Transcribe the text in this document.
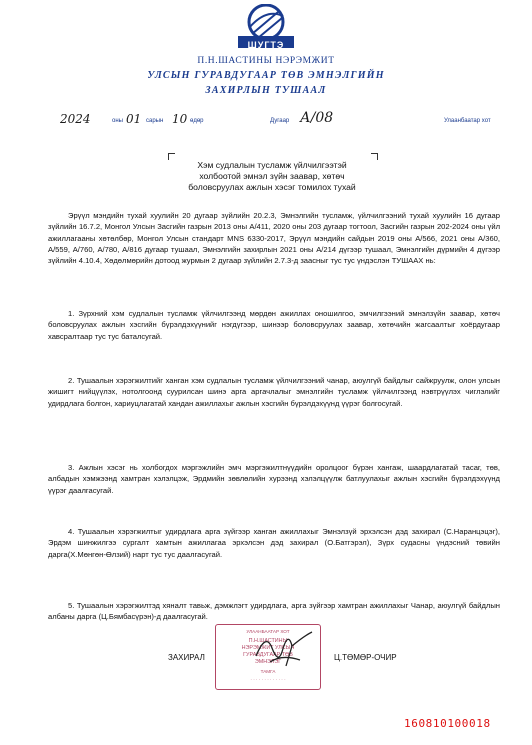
ШУГТЭ
П.Н.ШАСТИНЫ НЭРЭМЖИТ
УЛСЫН ГУРАВДУГААР ТӨВ ЭМНЭЛГИЙН
ЗАХИРЛЫН ТУШААЛ
2024	оны 01 сарын 10 өдөр	Дугаар А/08	Улаанбаатар хот
Хэм судлалын тусламж үйлчилгээтэй
холбоотой эмнэл зүйн заавар, хөтөч
боловсруулах ажлын хэсэг томилох тухай

Эрүүл мэндийн тухай хуулийн 20 дугаар зүйлийн 20.2.3, Эмнэлгийн тусламж, үйлчилгээний тухай хуулийн 16 дугаар зүйлийн 16.7.2, Монгол Улсын Засгийн газрын 2013 оны А/411, 2020 оны 203 дугаар тогтоол, Засгийн газрын 202-2024 оны үйл ажиллагааны хөтөлбөр, Монгол Улсын стандарт MNS 6330-2017, Эрүүл мэндийн сайдын 2019 оны А/566, 2021 оны А/360, А/559, А/760, А/780, А/816 дугаар тушаал, Эмнэлгийн захирлын 2021 оны А/214 дүгээр тушаал, Эмнэлгийн дүрмийн 4 дүгээр зүйлийн 4.10.4, Хөдөлмөрийн дотоод журмын 2 дугаар зүйлийн 2.7.3-д заасныг тус тус үндэслэн ТУШААХ нь:

1. Зүрхний хэм судлалын тусламж үйлчилгээнд мөрдөн ажиллах оношилгоо, эмчилгээний эмнэлзүйн заавар, хөтөч боловсруулах ажлын хэсгийн бүрэлдэхүүнийг нэгдүгээр, шинээр боловсруулах заавар, хөтөчийн жагсаалтыг хоёрдугаар хавсралтаар тус тус баталсугай.

2. Тушаалын хэрэгжилтийг ханган хэм судлалын тусламж үйлчилгээний чанар, аюулгүй байдлыг сайжруулж, олон улсын жишигт нийцүүлэх, нотолгоонд суурилсан шинэ арга аргачлалыг эмнэлгийн тусламж үйлчилгээнд нэвтрүүлэх чиглэлийг удирдлага болгон, хариуцлагатай хандан ажиллахыг ажлын хэсгийн бүрэлдэхүүнд үүрэг болгосугай.

3. Ажлын хэсэг нь холбогдох мэргэжлийн эмч мэргэжилтнүүдийн оролцоог бүрэн хангаж, шаардлагатай тасаг, төв, албадын хэмжээнд хамтран хэлэлцэж, Эрдмийн зөвлөлийн хурээнд хэлэлцүүлж батлуулахыг ажлын хэсгийн бүрэлдэхүүнд үүрэг даалгасугай.

4. Тушаалын хэрэгжилтыг удирдлага арга зүйгээр ханган ажиллахыг Эмнэлзүй эрхэлсэн дэд захирал (С.Наранцэцэг), Эрдэм шинжилгээ сургалт хамтын ажиллагаа эрхэлсэн дэд захирал (О.Батгэрэл), Зүрх судасны үндэсний төвийн дарга(Х.Мөнгөн-Өлзий) нарт тус тус даалгасугай.

5. Тушаалын хэрэгжилтэд хяналт тавьж, дэмжлэгт удирдлага, арга зүйгээр хамтран ажиллахыг Чанар, аюулгүй байдлын албаны дарга (Ц.Бямбасүрэн)-д даалгасугай.

УЛААНБААТАР ХОТ
П.Н.ШАСТИНЫ
НЭРЭМЖИТ УЛСЫН
ГУРАВДУГААР ТӨВ
ЭМНЭЛЭГ
ТАМГА
· · · · · · · · · · · · ·
ЗАХИРАЛ	Ц.ТӨМӨР-ОЧИР
160810100018
